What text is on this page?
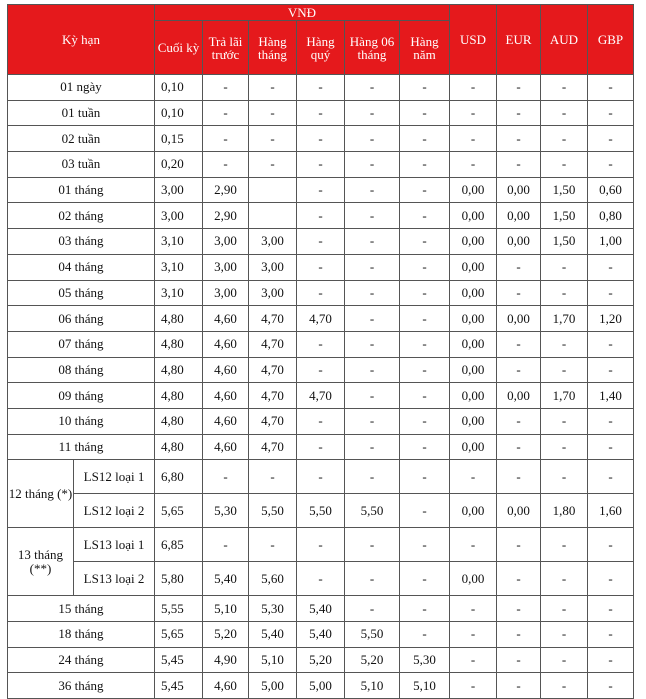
Kỳ hạn		VNĐ						USD	EUR	AUD	GBP
		Cuối kỳ	Trả lãi trước	Hàng tháng	Hàng quý	Hàng 06 tháng	Hàng năm				
01 ngày		0,10	-	-	-	-	-	-	-	-	-
01 tuần		0,10	-	-	-	-	-	-	-	-	-
02 tuần		0,15	-	-	-	-	-	-	-	-	-
03 tuần		0,20	-	-	-	-	-	-	-	-	-
01 tháng		3,00	2,90		-	-	-	0,00	0,00	1,50	0,60
02 tháng		3,00	2,90		-	-	-	0,00	0,00	1,50	0,80
03 tháng		3,10	3,00	3,00	-	-	-	0,00	0,00	1,50	1,00
04 tháng		3,10	3,00	3,00	-	-	-	0,00	-	-	-
05 tháng		3,10	3,00	3,00	-	-	-	0,00	-	-	-
06 tháng		4,80	4,60	4,70	4,70	-	-	0,00	0,00	1,70	1,20
07 tháng		4,80	4,60	4,70	-	-	-	0,00	-	-	-
08 tháng		4,80	4,60	4,70	-	-	-	0,00	-	-	-
09 tháng		4,80	4,60	4,70	4,70	-	-	0,00	0,00	1,70	1,40
10 tháng		4,80	4,60	4,70	-	-	-	0,00	-	-	-
11 tháng		4,80	4,60	4,70	-	-	-	0,00	-	-	-
12 tháng (*)	LS12 loại 1	6,80	-	-	-	-	-	-	-	-	-
	LS12 loại 2	5,65	5,30	5,50	5,50	5,50	-	0,00	0,00	1,80	1,60
13 tháng (**)	LS13 loại 1	6,85	-	-	-	-	-	-	-	-	-
	LS13 loại 2	5,80	5,40	5,60	-	-	-	0,00	-	-	-
15 tháng		5,55	5,10	5,30	5,40	-	-	-	-	-	-
18 tháng		5,65	5,20	5,40	5,40	5,50	-	-	-	-	-
24 tháng		5,45	4,90	5,10	5,20	5,20	5,30	-	-	-	-
36 tháng		5,45	4,60	5,00	5,00	5,10	5,10	-	-	-	-
